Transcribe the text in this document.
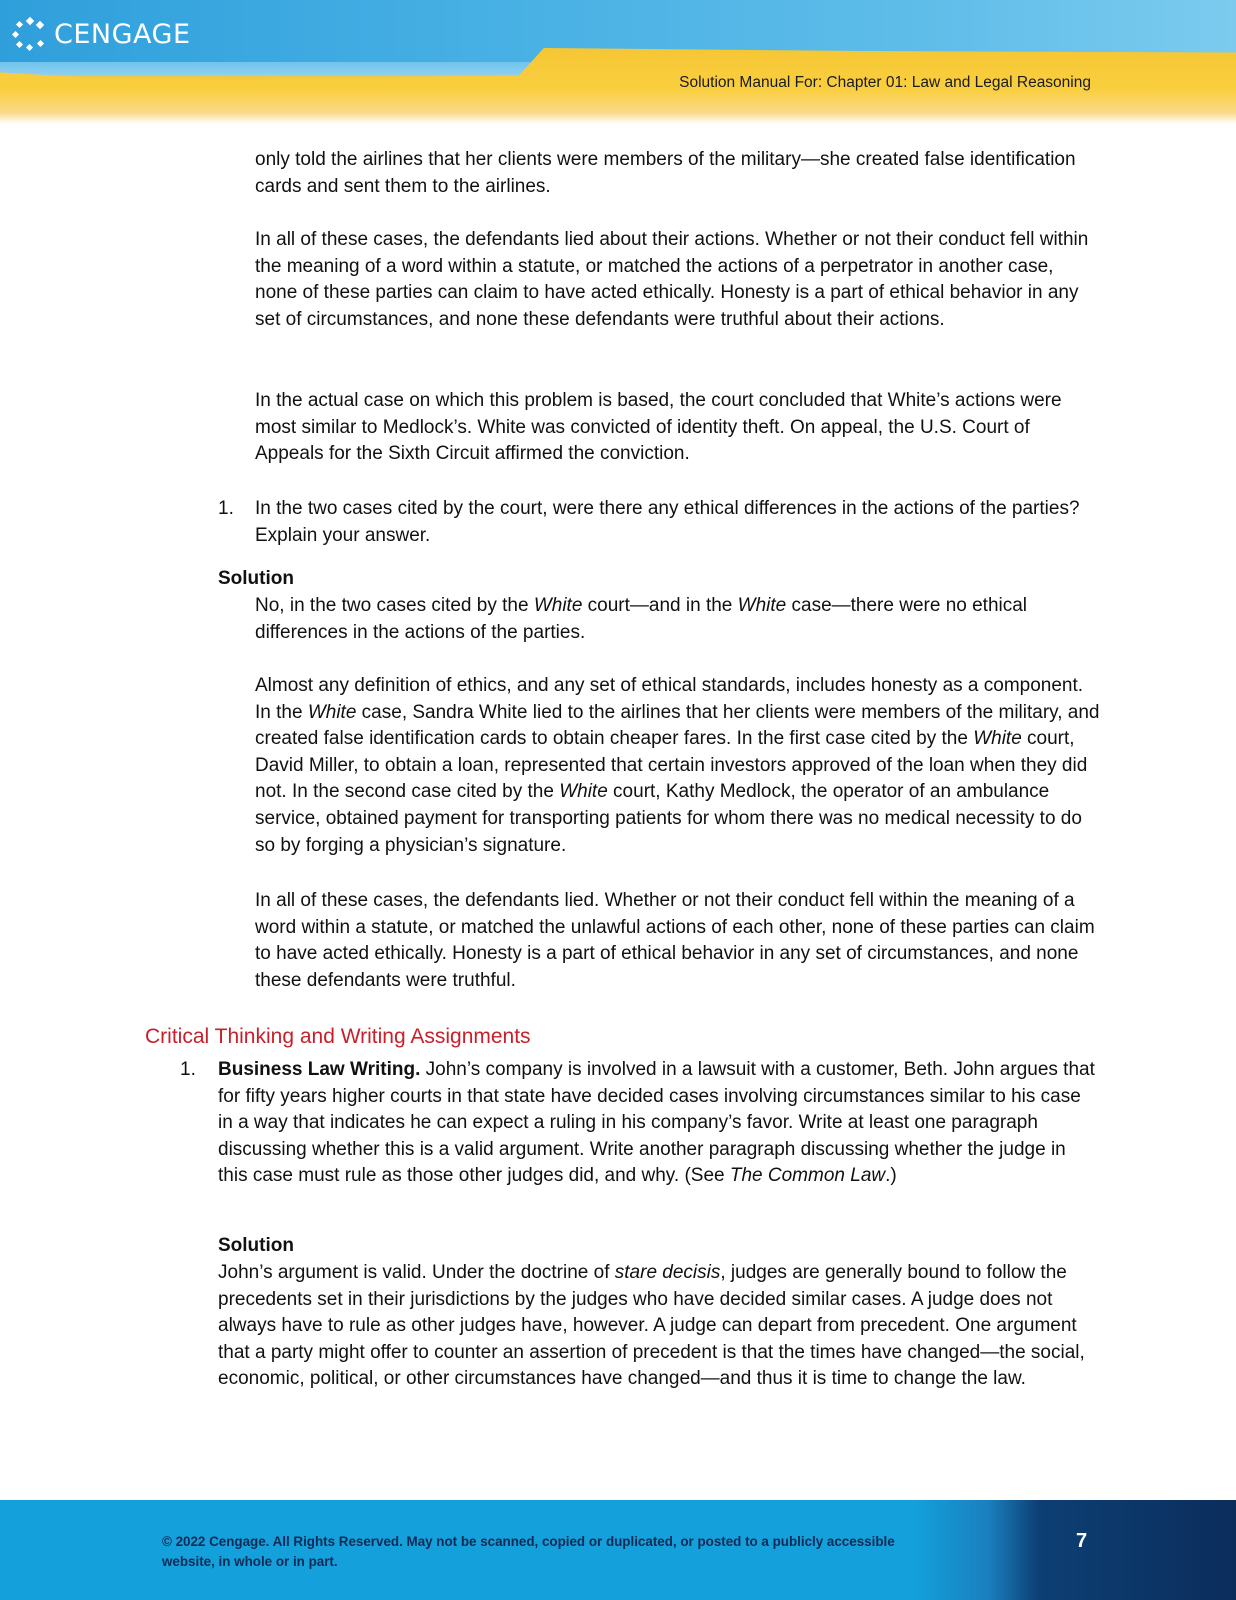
CENGAGE
Solution Manual For: Chapter 01: Law and Legal Reasoning

only told the airlines that her clients were members of the military—she created false identification cards and sent them to the airlines.

In all of these cases, the defendants lied about their actions. Whether or not their conduct fell within the meaning of a word within a statute, or matched the actions of a perpetrator in another case, none of these parties can claim to have acted ethically. Honesty is a part of ethical behavior in any set of circumstances, and none these defendants were truthful about their actions.

In the actual case on which this problem is based, the court concluded that White’s actions were most similar to Medlock’s. White was convicted of identity theft. On appeal, the U.S. Court of Appeals for the Sixth Circuit affirmed the conviction.

1. In the two cases cited by the court, were there any ethical differences in the actions of the parties? Explain your answer.

Solution

No, in the two cases cited by the White court—and in the White case—there were no ethical differences in the actions of the parties.

Almost any definition of ethics, and any set of ethical standards, includes honesty as a component. In the White case, Sandra White lied to the airlines that her clients were members of the military, and created false identification cards to obtain cheaper fares. In the first case cited by the White court, David Miller, to obtain a loan, represented that certain investors approved of the loan when they did not. In the second case cited by the White court, Kathy Medlock, the operator of an ambulance service, obtained payment for transporting patients for whom there was no medical necessity to do so by forging a physician’s signature.

In all of these cases, the defendants lied. Whether or not their conduct fell within the meaning of a word within a statute, or matched the unlawful actions of each other, none of these parties can claim to have acted ethically. Honesty is a part of ethical behavior in any set of circumstances, and none these defendants were truthful.

Critical Thinking and Writing Assignments
1. Business Law Writing. John’s company is involved in a lawsuit with a customer, Beth. John argues that for fifty years higher courts in that state have decided cases involving circumstances similar to his case in a way that indicates he can expect a ruling in his company’s favor. Write at least one paragraph discussing whether this is a valid argument. Write another paragraph discussing whether the judge in this case must rule as those other judges did, and why. (See The Common Law.)

Solution

John’s argument is valid. Under the doctrine of stare decisis, judges are generally bound to follow the precedents set in their jurisdictions by the judges who have decided similar cases. A judge does not always have to rule as other judges have, however. A judge can depart from precedent. One argument that a party might offer to counter an assertion of precedent is that the times have changed—the social, economic, political, or other circumstances have changed—and thus it is time to change the law.

© 2022 Cengage. All Rights Reserved. May not be scanned, copied or duplicated, or posted to a publicly accessible website, in whole or in part.
7
